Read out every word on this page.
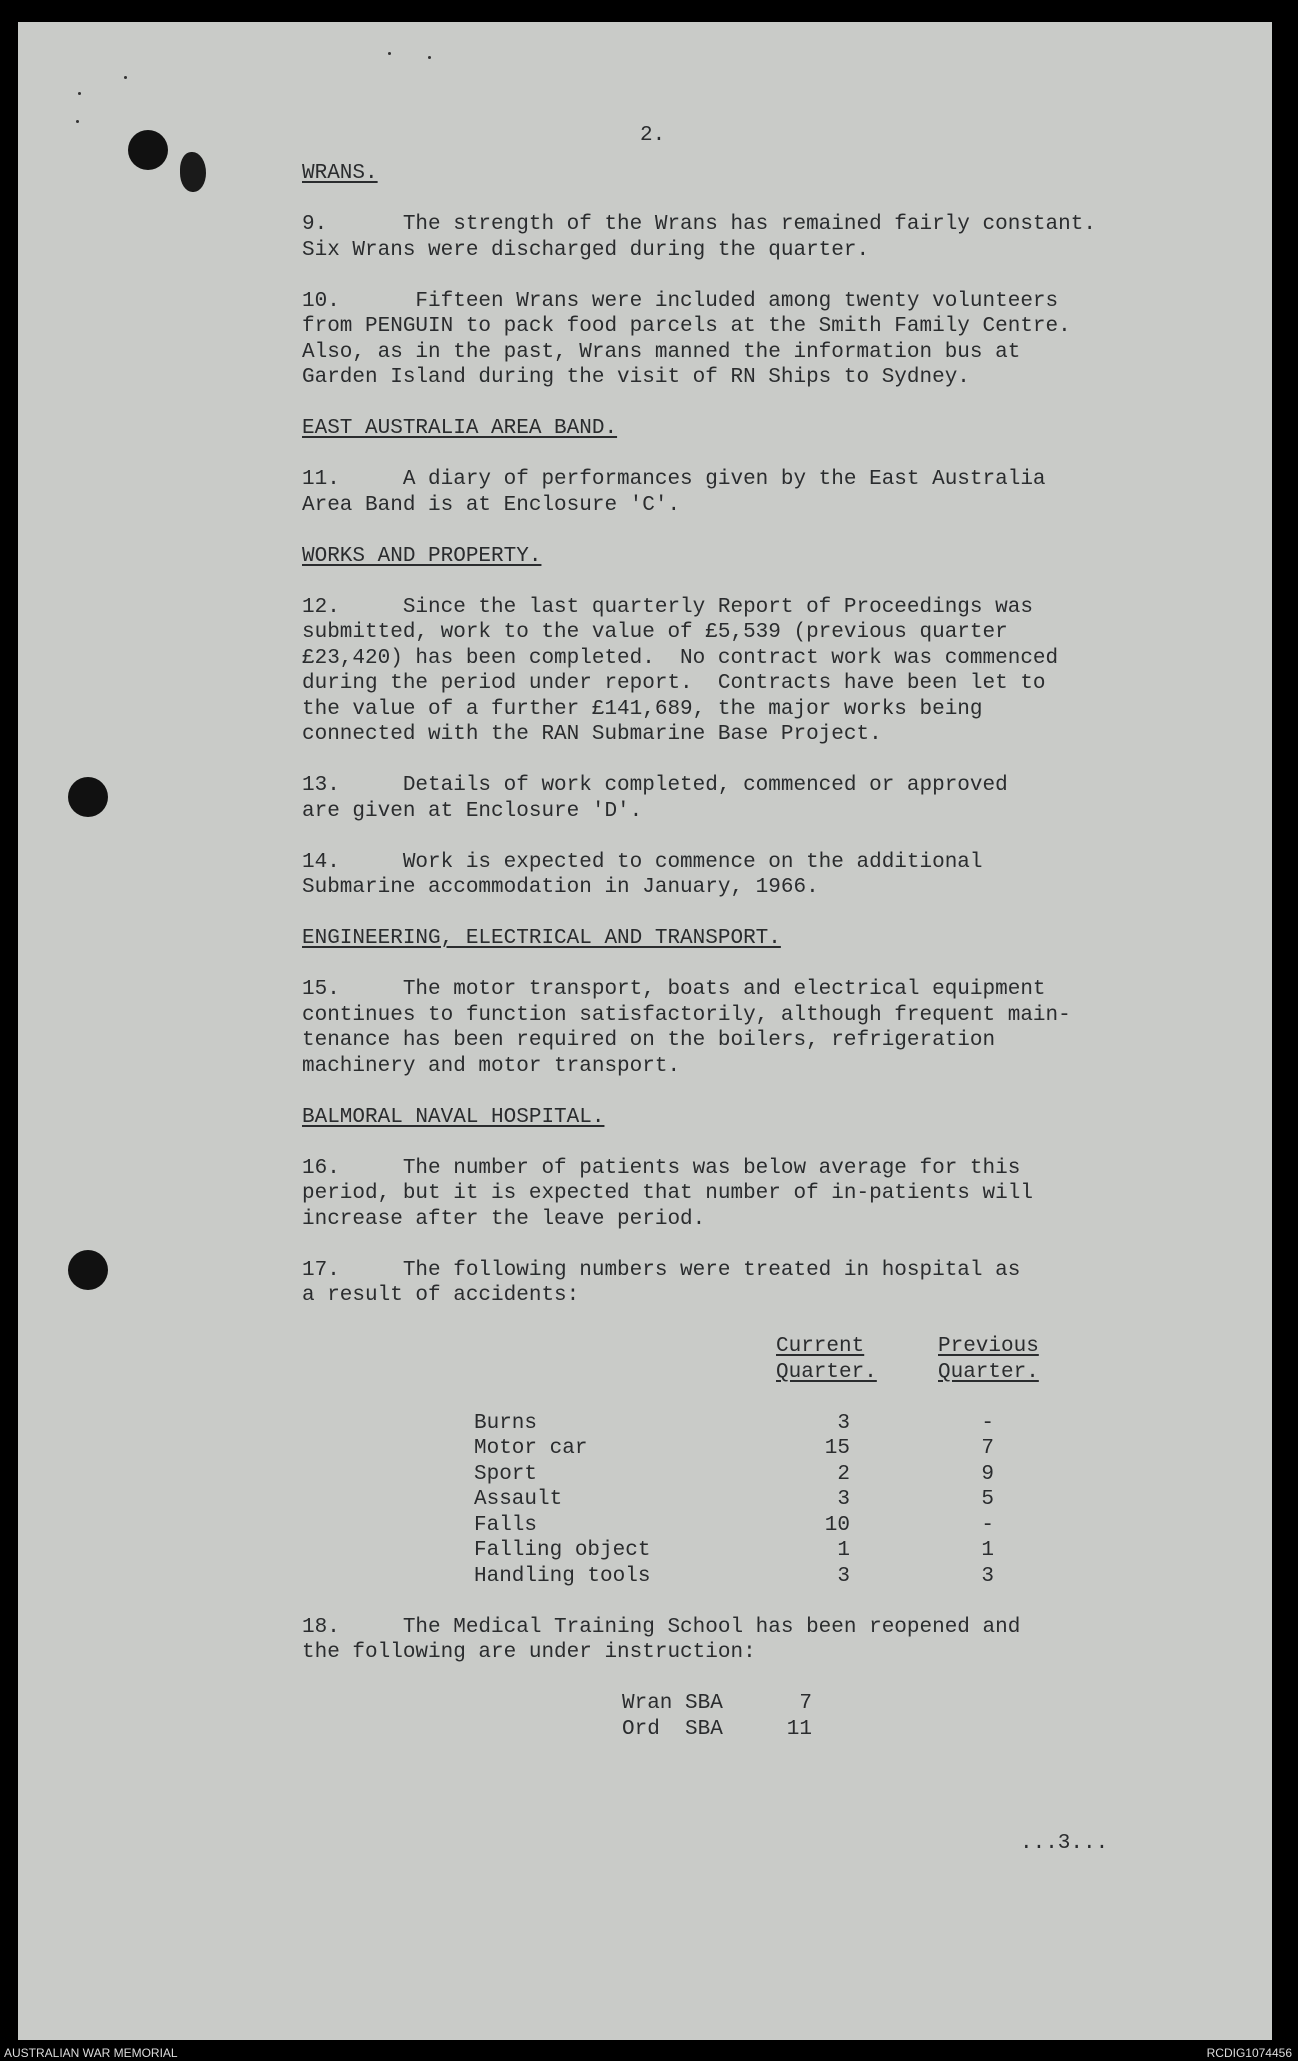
2.
WRANS.
9.      The strength of the Wrans has remained fairly constant.
Six Wrans were discharged during the quarter.
10.      Fifteen Wrans were included among twenty volunteers
from PENGUIN to pack food parcels at the Smith Family Centre.
Also, as in the past, Wrans manned the information bus at
Garden Island during the visit of RN Ships to Sydney.
EAST AUSTRALIA AREA BAND.
11.     A diary of performances given by the East Australia
Area Band is at Enclosure 'C'.
WORKS AND PROPERTY.
12.     Since the last quarterly Report of Proceedings was
submitted, work to the value of £5,539 (previous quarter
£23,420) has been completed.  No contract work was commenced
during the period under report.  Contracts have been let to
the value of a further £141,689, the major works being
connected with the RAN Submarine Base Project.
13.     Details of work completed, commenced or approved
are given at Enclosure 'D'.
14.     Work is expected to commence on the additional
Submarine accommodation in January, 1966.
ENGINEERING, ELECTRICAL AND TRANSPORT.
15.     The motor transport, boats and electrical equipment
continues to function satisfactorily, although frequent main-
tenance has been required on the boilers, refrigeration
machinery and motor transport.
BALMORAL NAVAL HOSPITAL.
16.     The number of patients was below average for this
period, but it is expected that number of in-patients will
increase after the leave period.
17.     The following numbers were treated in hospital as
a result of accidents:
Current	Previous
Quarter.	Quarter.
Burns	3	-
Motor car	15	7
Sport	2	9
Assault	3	5
Falls	10	-
Falling object	1	1
Handling tools	3	3
18.     The Medical Training School has been reopened and
the following are under instruction:
Wran SBA	7
Ord  SBA	11
...3...
AUSTRALIAN WAR MEMORIAL	RCDIG1074456
